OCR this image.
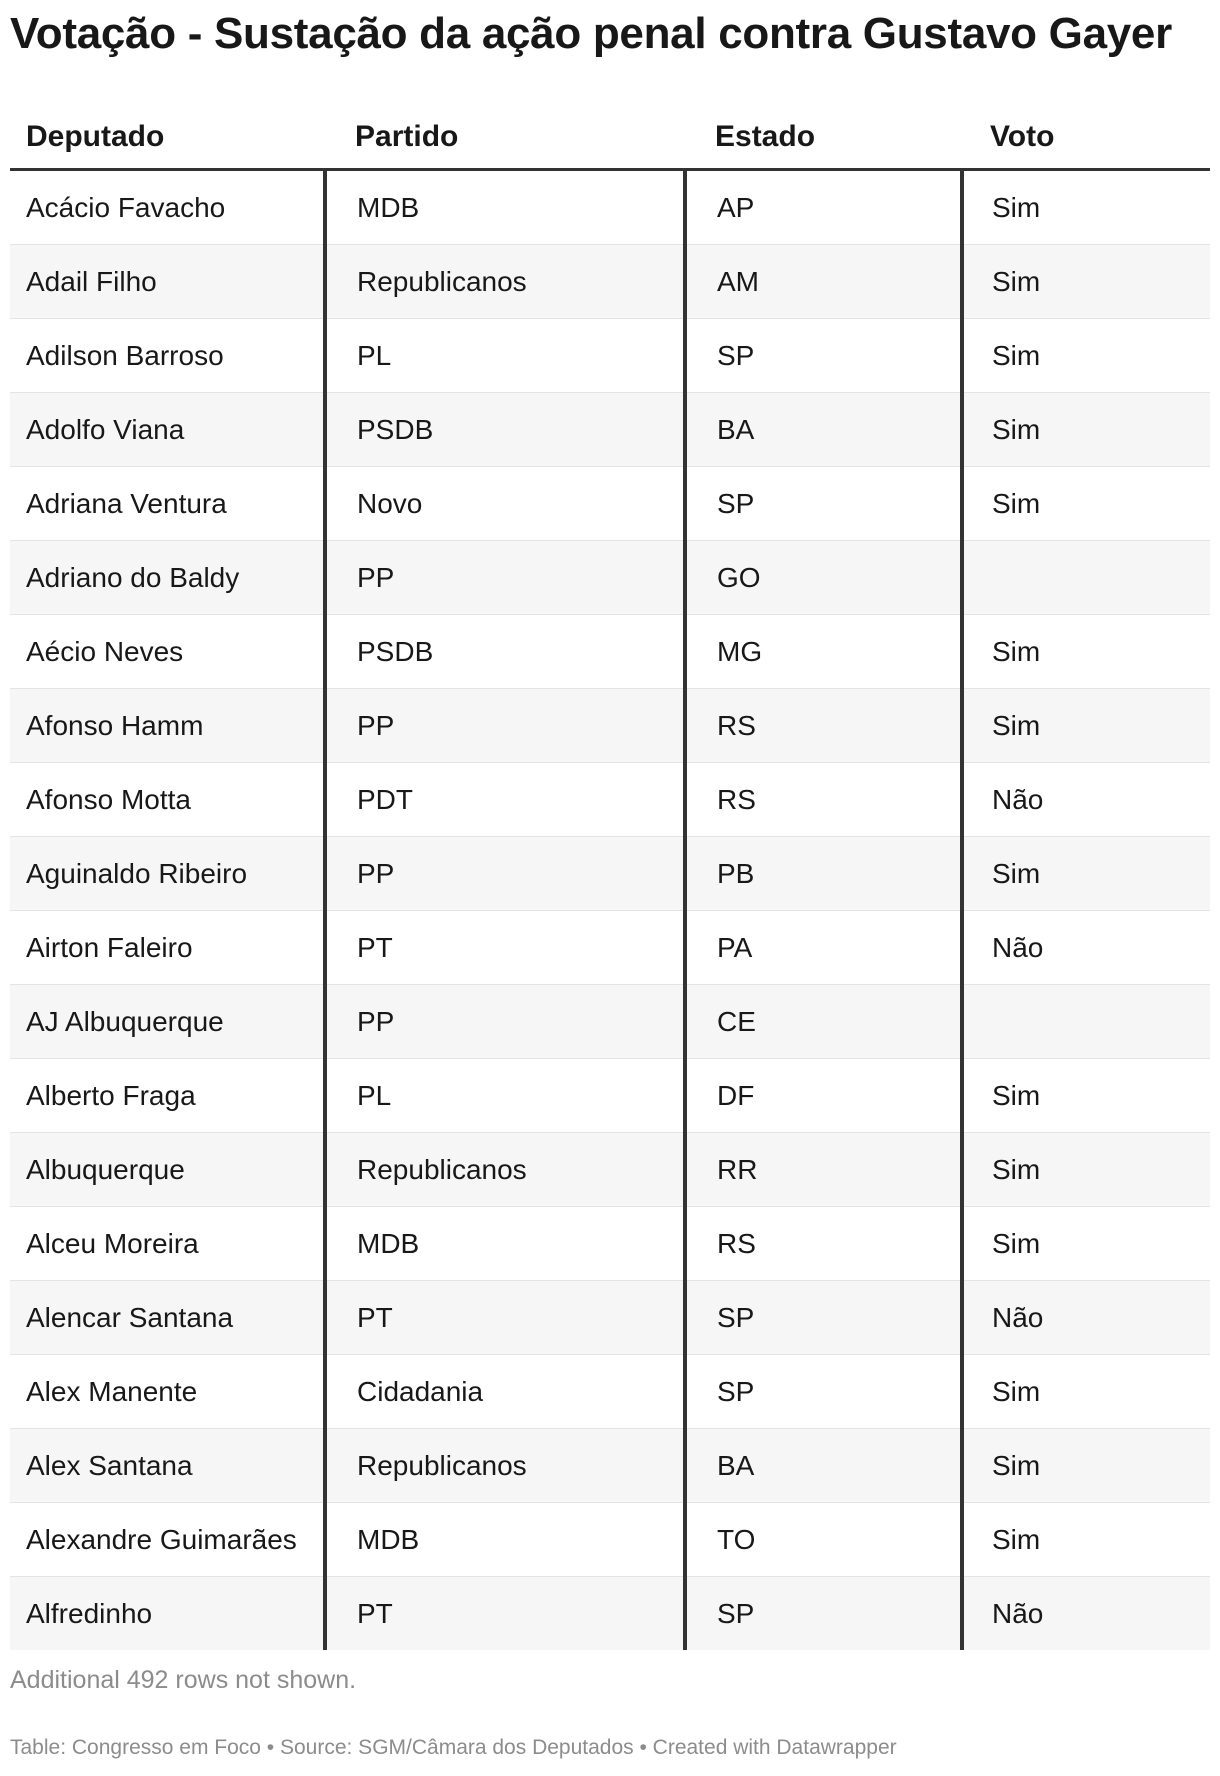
Votação - Sustação da ação penal contra Gustavo Gayer
Deputado	Partido	Estado	Voto
Acácio Favacho	MDB	AP	Sim
Adail Filho	Republicanos	AM	Sim
Adilson Barroso	PL	SP	Sim
Adolfo Viana	PSDB	BA	Sim
Adriana Ventura	Novo	SP	Sim
Adriano do Baldy	PP	GO	
Aécio Neves	PSDB	MG	Sim
Afonso Hamm	PP	RS	Sim
Afonso Motta	PDT	RS	Não
Aguinaldo Ribeiro	PP	PB	Sim
Airton Faleiro	PT	PA	Não
AJ Albuquerque	PP	CE	
Alberto Fraga	PL	DF	Sim
Albuquerque	Republicanos	RR	Sim
Alceu Moreira	MDB	RS	Sim
Alencar Santana	PT	SP	Não
Alex Manente	Cidadania	SP	Sim
Alex Santana	Republicanos	BA	Sim
Alexandre Guimarães	MDB	TO	Sim
Alfredinho	PT	SP	Não
Additional 492 rows not shown.
Table: Congresso em Foco • Source: SGM/Câmara dos Deputados • Created with Datawrapper
